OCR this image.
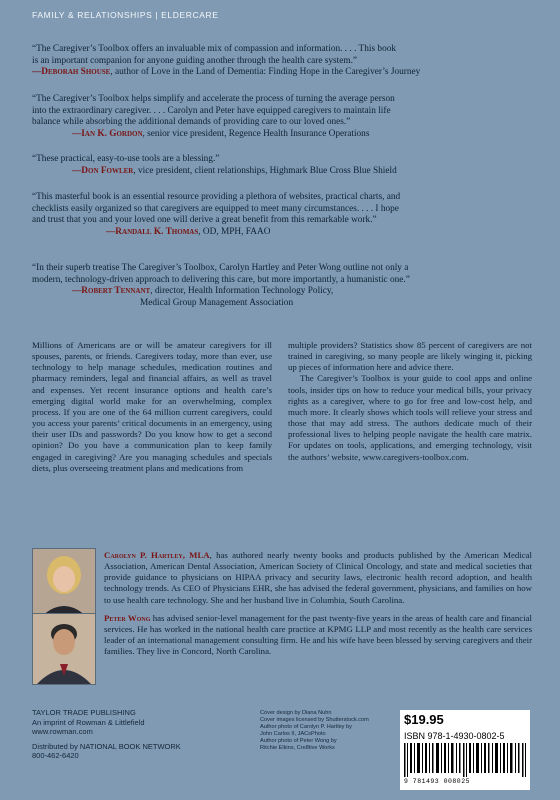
FAMILY & RELATIONSHIPS | ELDERCARE

“The Caregiver’s Toolbox offers an invaluable mix of compassion and information. . . . This book

is an important companion for anyone guiding another through the health care system.”

—Deborah Shouse, author of Love in the Land of Dementia: Finding Hope in the Caregiver’s Journey

“The Caregiver’s Toolbox helps simplify and accelerate the process of turning the average person

into the extraordinary caregiver. . . . Carolyn and Peter have equipped caregivers to maintain life

balance while absorbing the additional demands of providing care to our loved ones.”

—Ian K. Gordon, senior vice president, Regence Health Insurance Operations

“These practical, easy-to-use tools are a blessing.”

—Don Fowler, vice president, client relationships, Highmark Blue Cross Blue Shield

“This masterful book is an essential resource providing a plethora of websites, practical charts, and

checklists easily organized so that caregivers are equipped to meet many circumstances. . . . I hope

and trust that you and your loved one will derive a great benefit from this remarkable work.”

—Randall K. Thomas, OD, MPH, FAAO

“In their superb treatise The Caregiver’s Toolbox, Carolyn Hartley and Peter Wong outline not only a

modern, technology-driven approach to delivering this care, but more importantly, a humanistic one.”

—Robert Tennant, director, Health Information Technology Policy,

Medical Group Management Association

Millions of Americans are or will be amateur caregivers for ill spouses, parents, or friends. Caregivers today, more than ever, use technology to help manage schedules, medication routines and pharmacy reminders, legal and financial affairs, as well as travel and expenses. Yet recent insurance options and health care’s emerging digital world make for an overwhelming, complex process. If you are one of the 64 million current caregivers, could you access your parents’ critical documents in an emergency, using their user IDs and passwords? Do you know how to get a second opinion? Do you have a communication plan to keep family engaged in caregiving? Are you managing schedules and specials diets, plus overseeing treatment plans and medications from

multiple providers? Statistics show 85 percent of caregivers are not trained in caregiving, so many people are likely winging it, picking up pieces of information here and advice there.

The Caregiver’s Toolbox is your guide to cool apps and online tools, insider tips on how to reduce your medical bills, your privacy rights as a caregiver, where to go for free and low-cost help, and much more. It clearly shows which tools will relieve your stress and those that may add stress. The authors dedicate much of their professional lives to helping people navigate the health care matrix. For updates on tools, applications, and emerging technology, visit the authors’ website, www.caregivers-toolbox.com.

Carolyn P. Hartley, MLA, has authored nearly twenty books and products published by the American Medical Association, American Dental Association, American Society of Clinical Oncology, and state and medical societies that provide guidance to physicians on HIPAA privacy and security laws, electronic health record adoption, and health technology trends. As CEO of Physicians EHR, she has advised the federal government, physicians, and families on how to use health care technology. She and her husband live in Columbia, South Carolina.
Peter Wong has advised senior-level management for the past twenty-five years in the areas of health care and financial services. He has worked in the national health care practice at KPMG LLP and most recently as the health care services leader of an international management consulting firm. He and his wife have been blessed by serving caregivers and their families. They live in Concord, North Carolina.
TAYLOR TRADE PUBLISHING
An imprint of Rowman & Littlefield
www.rowman.com
Distributed by NATIONAL BOOK NETWORK
800-462-6420
Cover design by Diana Nuhn
Cover images licensed by Shutterstock.com
Author photo of Carolyn P. Hartley by
John Carlos II, JACsPhoto
Author photo of Peter Wong by
Ritchie Elkins, Cre8tive Works
$19.95
ISBN 978-1-4930-0802-5
9 781493 008025
